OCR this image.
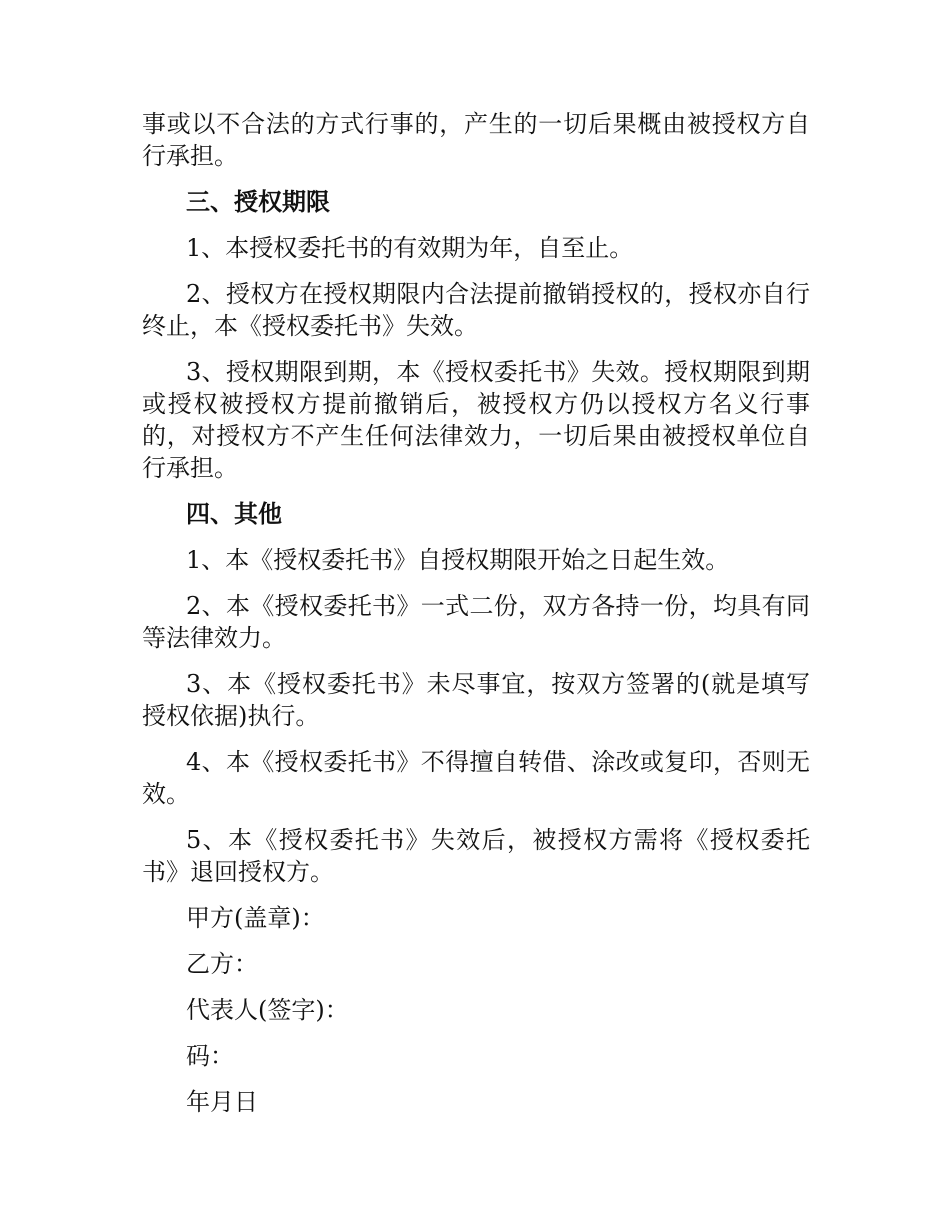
事或以不合法的方式行事的，产生的一切后果概由被授权方自行承担。

三、授权期限

1、本授权委托书的有效期为年，自至止。

2、授权方在授权期限内合法提前撤销授权的，授权亦自行终止，本《授权委托书》失效。

3、授权期限到期，本《授权委托书》失效。授权期限到期或授权被授权方提前撤销后，被授权方仍以授权方名义行事的，对授权方不产生任何法律效力，一切后果由被授权单位自行承担。

四、其他

1、本《授权委托书》自授权期限开始之日起生效。

2、本《授权委托书》一式二份，双方各持一份，均具有同等法律效力。

3、本《授权委托书》未尽事宜，按双方签署的(就是填写授权依据)执行。

4、本《授权委托书》不得擅自转借、涂改或复印，否则无效。

5、本《授权委托书》失效后，被授权方需将《授权委托书》退回授权方。

甲方(盖章)：

乙方：

代表人(签字)：

码：

年月日
